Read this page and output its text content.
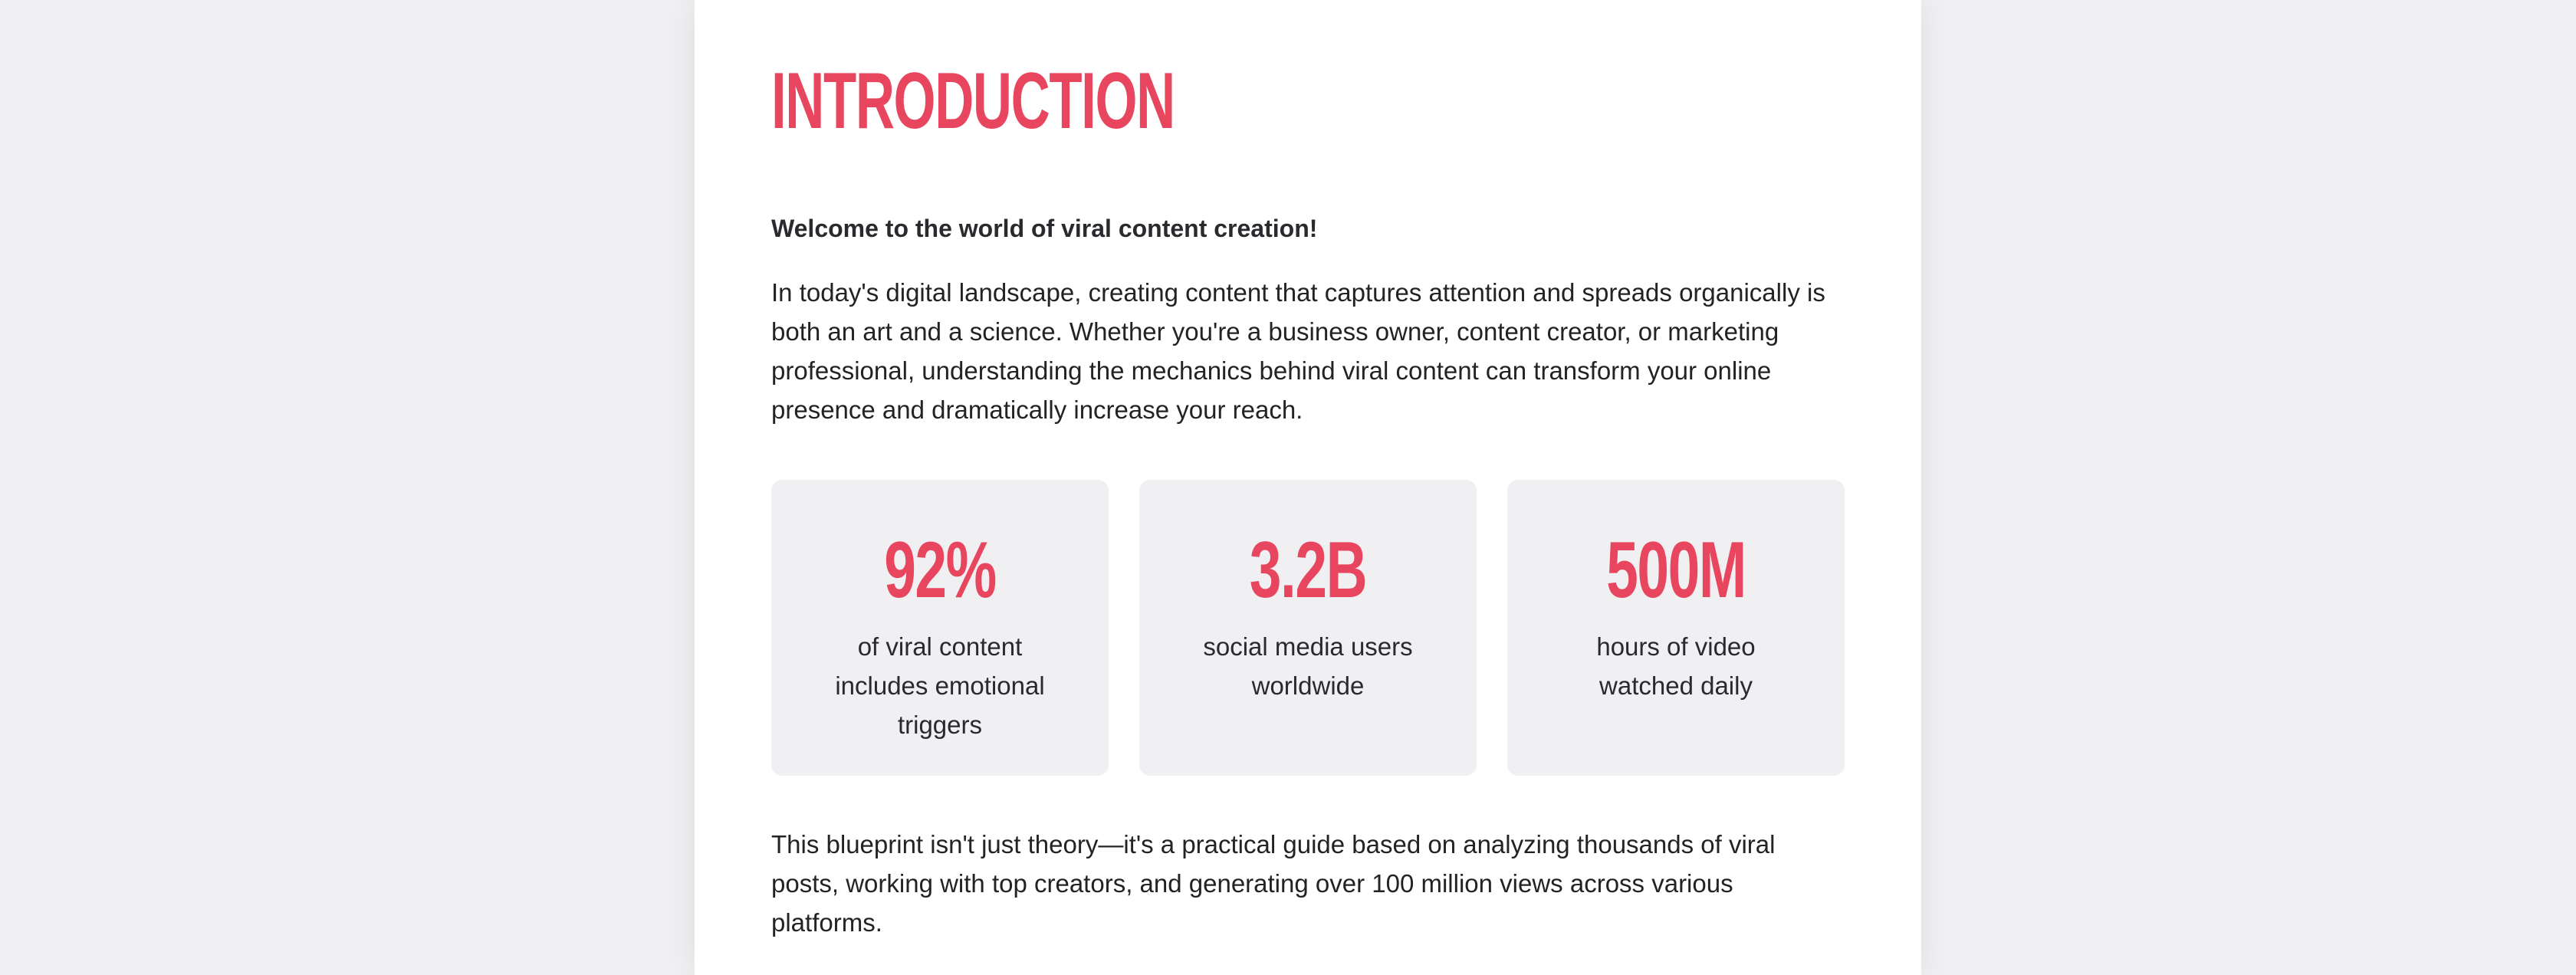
INTRODUCTION

Welcome to the world of viral content creation!

In today's digital landscape, creating content that captures attention and spreads organically is both an art and a science. Whether you're a business owner, content creator, or marketing professional, understanding the mechanics behind viral content can transform your online presence and dramatically increase your reach.

92%
of viral content includes emotional triggers
3.2B
social media users worldwide
500M
hours of video watched daily

This blueprint isn't just theory—it's a practical guide based on analyzing thousands of viral posts, working with top creators, and generating over 100 million views across various platforms.
